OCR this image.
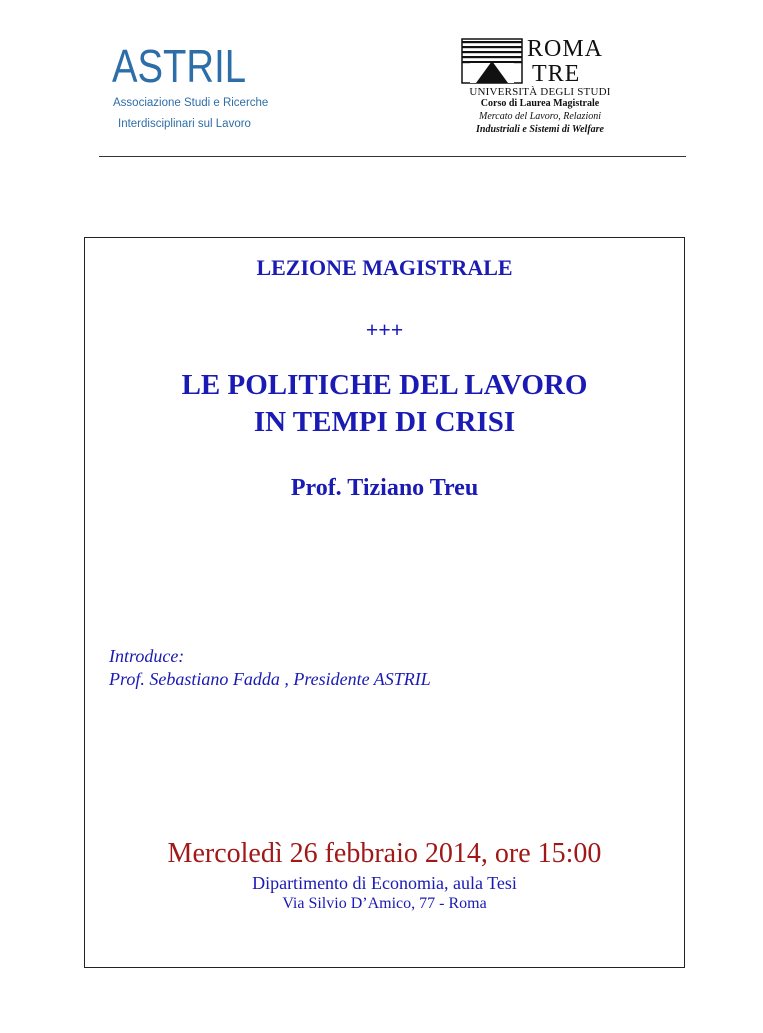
ASTRIL
Associazione Studi e Ricerche
Interdisciplinari sul Lavoro
ROMA
TRE
UNIVERSITÀ DEGLI STUDI
Corso di Laurea Magistrale
Mercato del Lavoro, Relazioni
Industriali e Sistemi di Welfare
LEZIONE MAGISTRALE
+++
LE POLITICHE DEL LAVORO
IN TEMPI DI CRISI
Prof. Tiziano Treu
Introduce:
Prof. Sebastiano Fadda , Presidente ASTRIL
Mercoledì 26 febbraio 2014, ore 15:00
Dipartimento di Economia, aula Tesi
Via Silvio D’Amico, 77 - Roma
